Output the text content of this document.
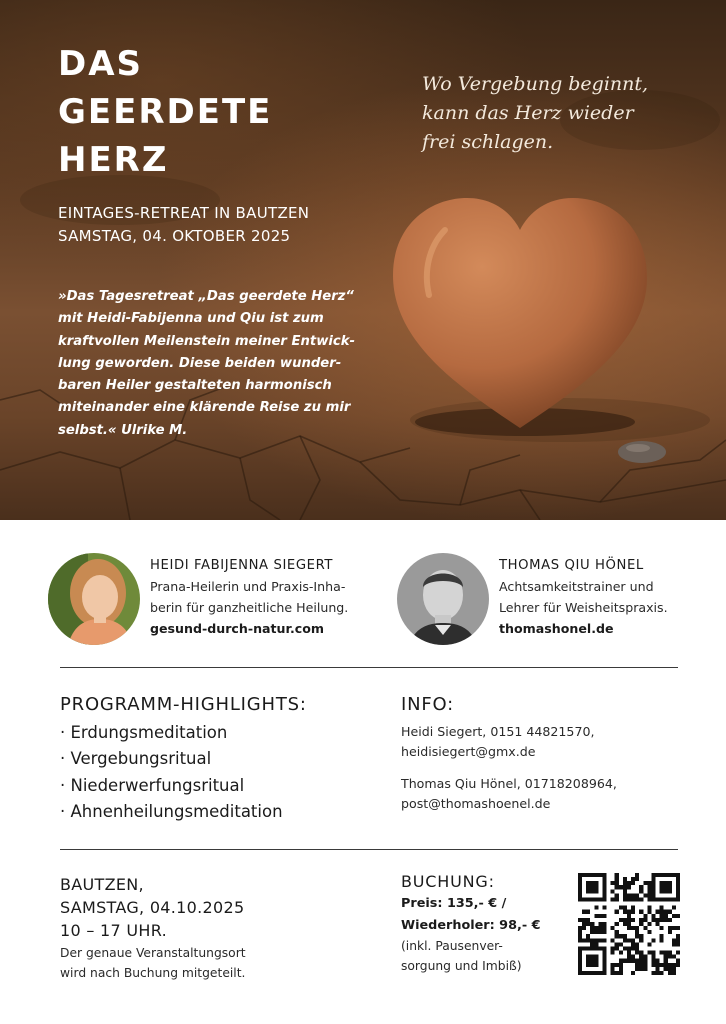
DAS
GEERDETE
HERZ
Wo Vergebung beginnt,
kann das Herz wieder
frei schlagen.
EINTAGES-RETREAT IN BAUTZEN
SAMSTAG, 04. OKTOBER 2025
»Das Tagesretreat „Das geerdete Herz“
mit Heidi-Fabijenna und Qiu ist zum
kraftvollen Meilenstein meiner Entwick-
lung geworden. Diese beiden wunder-
baren Heiler gestalteten harmonisch
miteinander eine klärende Reise zu mir
selbst.« Ulrike M.
HEIDI FABIJENNA SIEGERT
Prana-Heilerin und Praxis-Inha-
berin für ganzheitliche Heilung.
gesund-durch-natur.com
THOMAS QIU HÖNEL
Achtsamkeitstrainer und
Lehrer für Weisheitspraxis.
thomashonel.de
PROGRAMM-HIGHLIGHTS:
· Erdungsmeditation
· Vergebungsritual
· Niederwerfungsritual
· Ahnenheilungsmeditation
INFO:
Heidi Siegert, 0151 44821570,
heidisiegert@gmx.de
Thomas Qiu Hönel, 01718208964,
post@thomashoenel.de
BAUTZEN,
SAMSTAG, 04.10.2025
10 – 17 UHR.
Der genaue Veranstaltungsort
wird nach Buchung mitgeteilt.
BUCHUNG:
Preis: 135,- € /
Wiederholer: 98,- €
(inkl. Pausenver-
sorgung und Imbiß)
